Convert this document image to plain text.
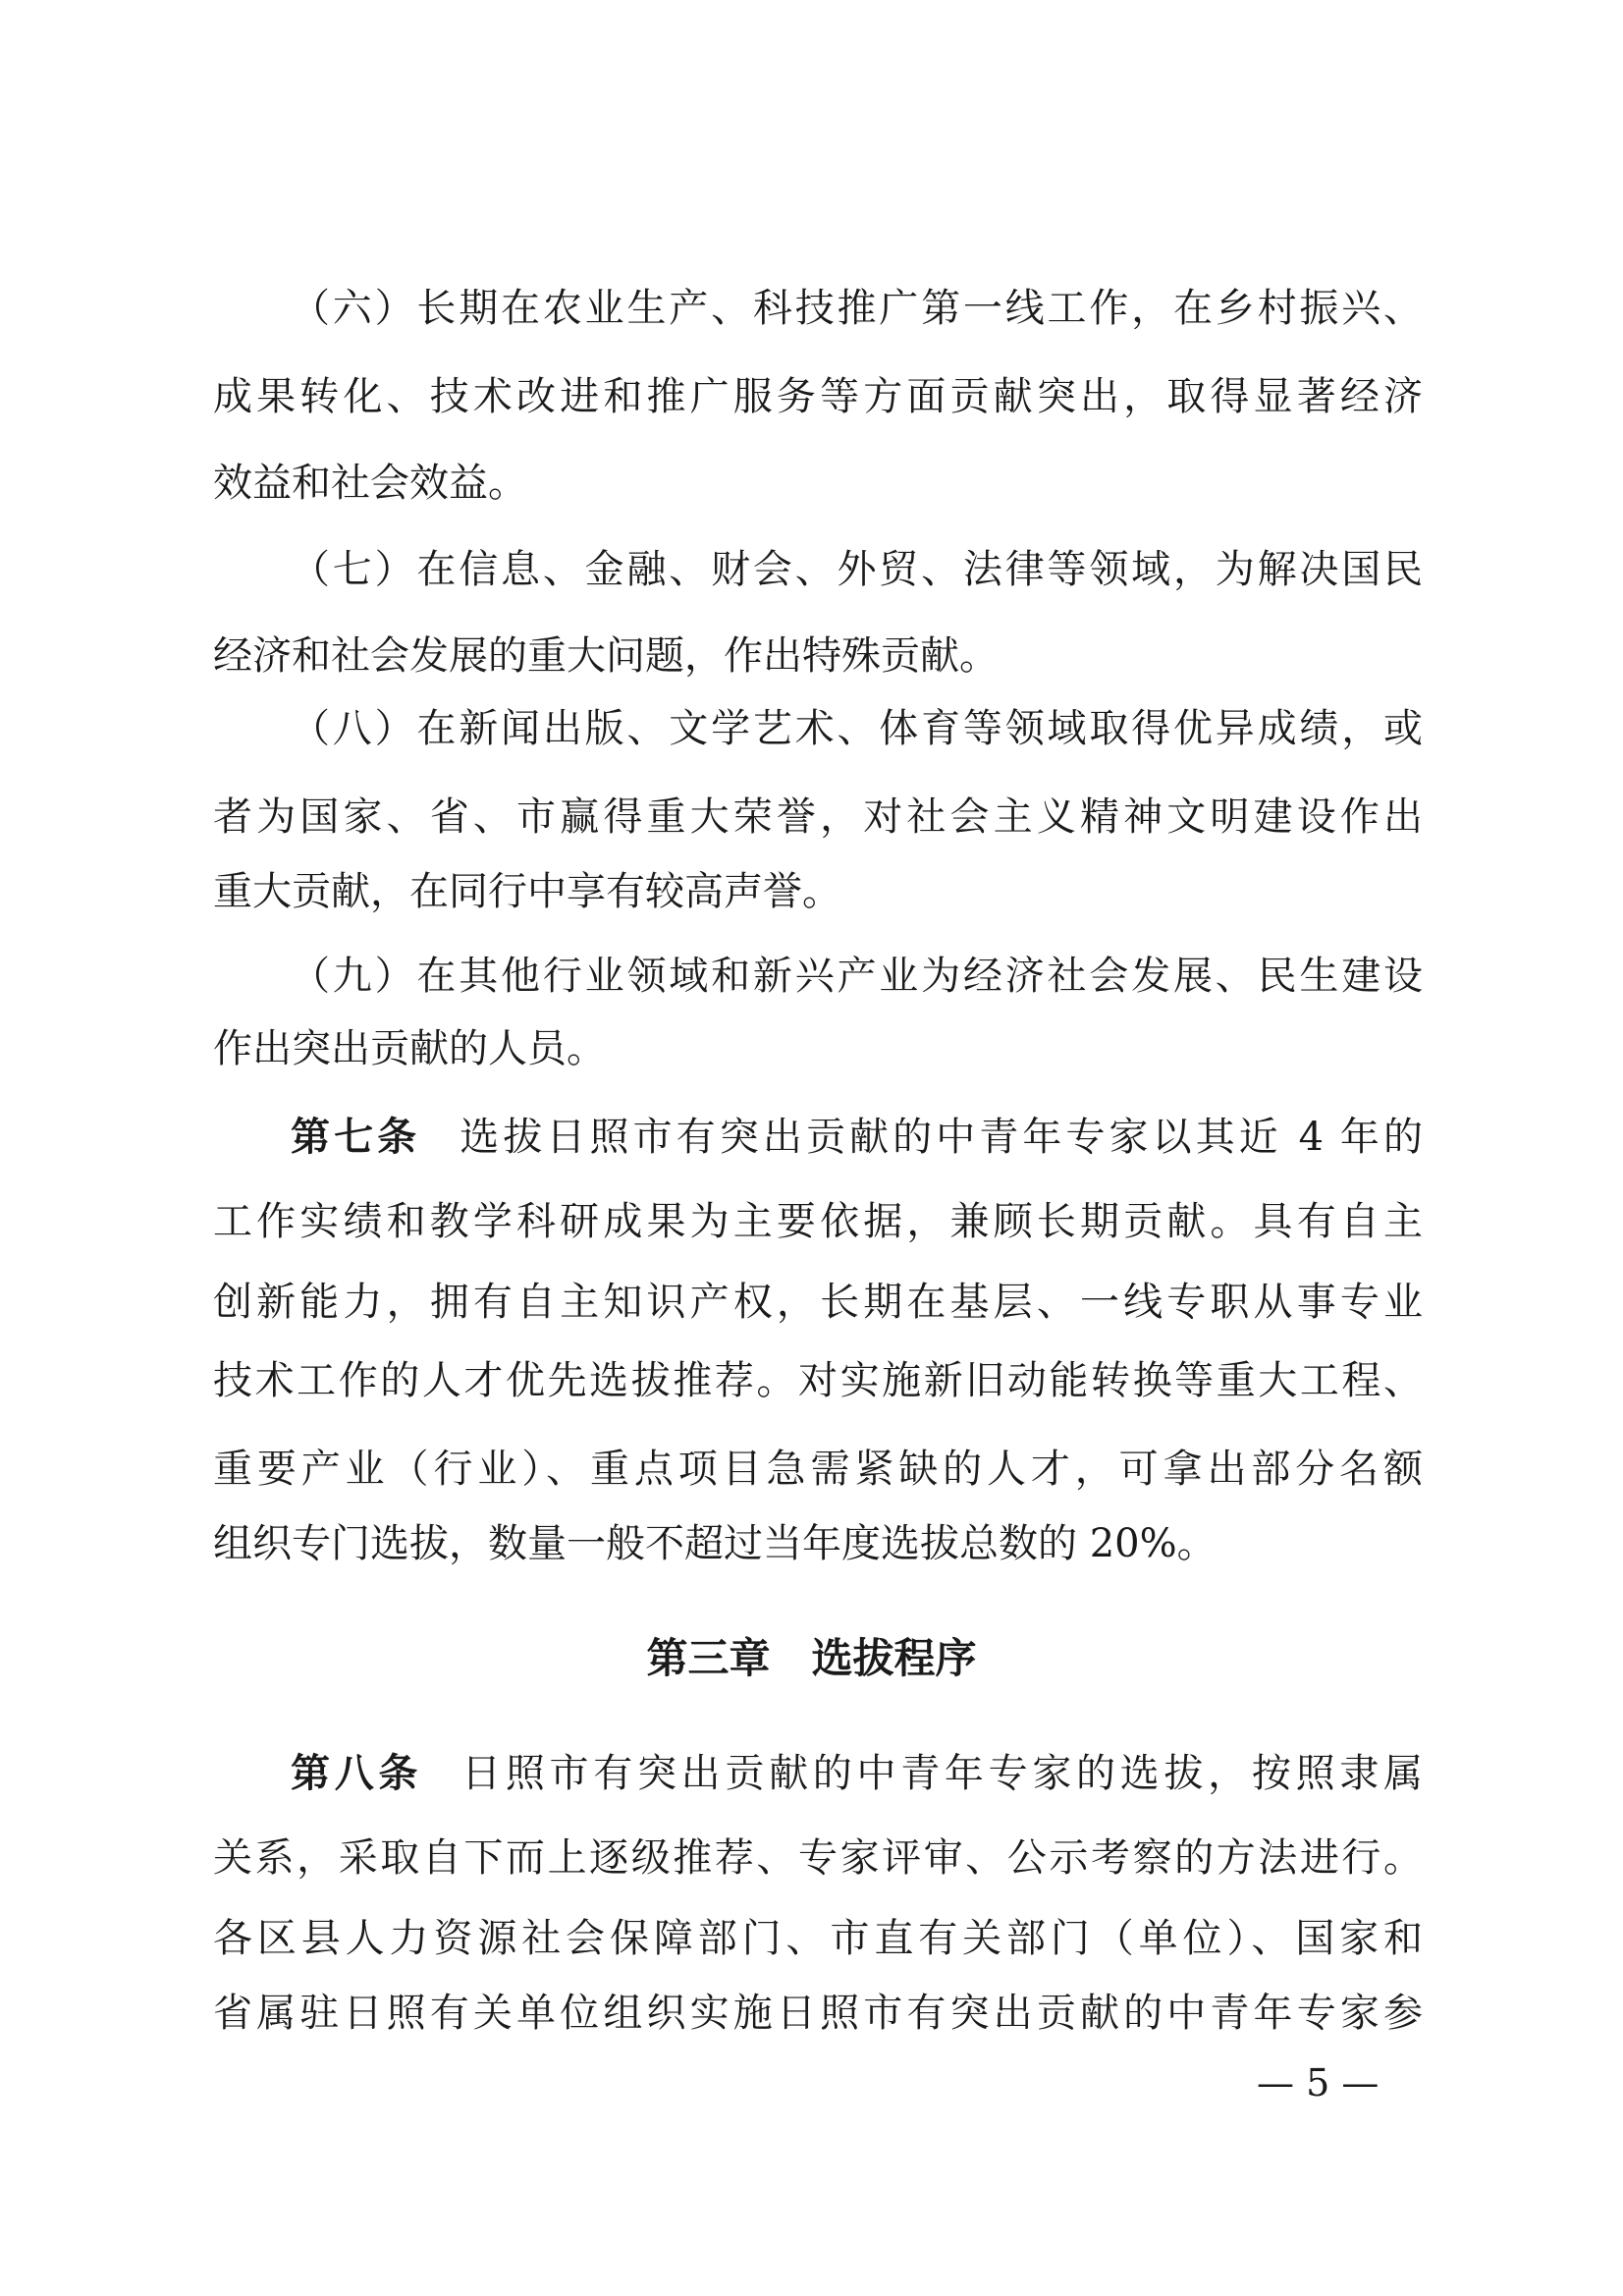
（六）长期在农业生产、科技推广第一线工作，在乡村振兴、
成果转化、技术改进和推广服务等方面贡献突出，取得显著经济
效益和社会效益。
（七）在信息、金融、财会、外贸、法律等领域，为解决国民
经济和社会发展的重大问题，作出特殊贡献。
（八）在新闻出版、文学艺术、体育等领域取得优异成绩，或
者为国家、省、市赢得重大荣誉，对社会主义精神文明建设作出
重大贡献，在同行中享有较高声誉。
（九）在其他行业领域和新兴产业为经济社会发展、民生建设
作出突出贡献的人员。
第七条 选拔日照市有突出贡献的中青年专家以其近 4 年的
工作实绩和教学科研成果为主要依据，兼顾长期贡献。具有自主
创新能力，拥有自主知识产权，长期在基层、一线专职从事专业
技术工作的人才优先选拔推荐。对实施新旧动能转换等重大工程、
重要产业（行业）、重点项目急需紧缺的人才，可拿出部分名额
组织专门选拔，数量一般不超过当年度选拔总数的 20%。
第三章　选拔程序
第八条 日照市有突出贡献的中青年专家的选拔，按照隶属
关系，采取自下而上逐级推荐、专家评审、公示考察的方法进行。
各区县人力资源社会保障部门、市直有关部门（单位）、国家和
省属驻日照有关单位组织实施日照市有突出贡献的中青年专家参
— 5 —
